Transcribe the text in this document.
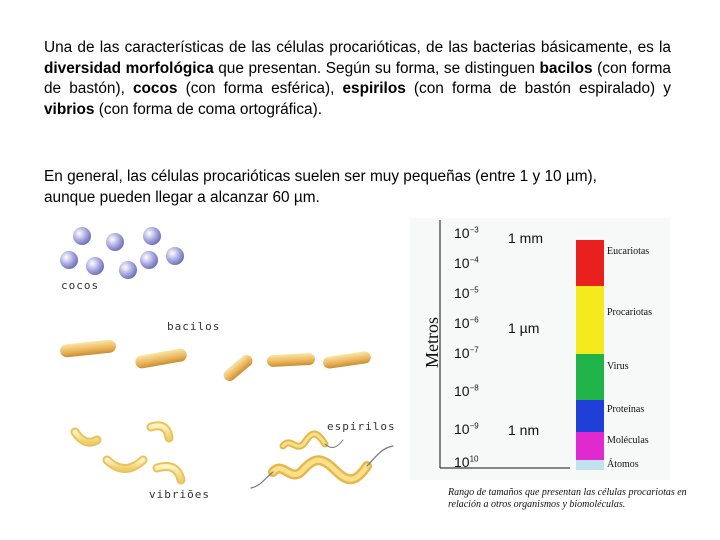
Una de las características de las células procarióticas, de las bacterias básicamente, es la diversidad morfológica que presentan. Según su forma, se distinguen bacilos (con forma de bastón), cocos (con forma esférica), espirilos (con forma de bastón espiralado) y vibrios (con forma de coma ortográfica).
En general, las células procarióticas suelen ser muy pequeñas (entre 1 y 10 µm), aunque pueden llegar a alcanzar 60 µm.
cocos
bacilos
espirilos
vibriões
Metros
$10^{-3}$
$10^{-4}$
$10^{-5}$
$10^{-6}$
$10^{-7}$
$10^{-8}$
$10^{-9}$
$10^{10}$
1 mm
1 µm
1 nm
Eucariotas
Procariotas
Virus
Proteínas
Moléculas
Átomos
Rango de tamaños que presentan las células procariotas en relación a otros organismos y biomoléculas.
